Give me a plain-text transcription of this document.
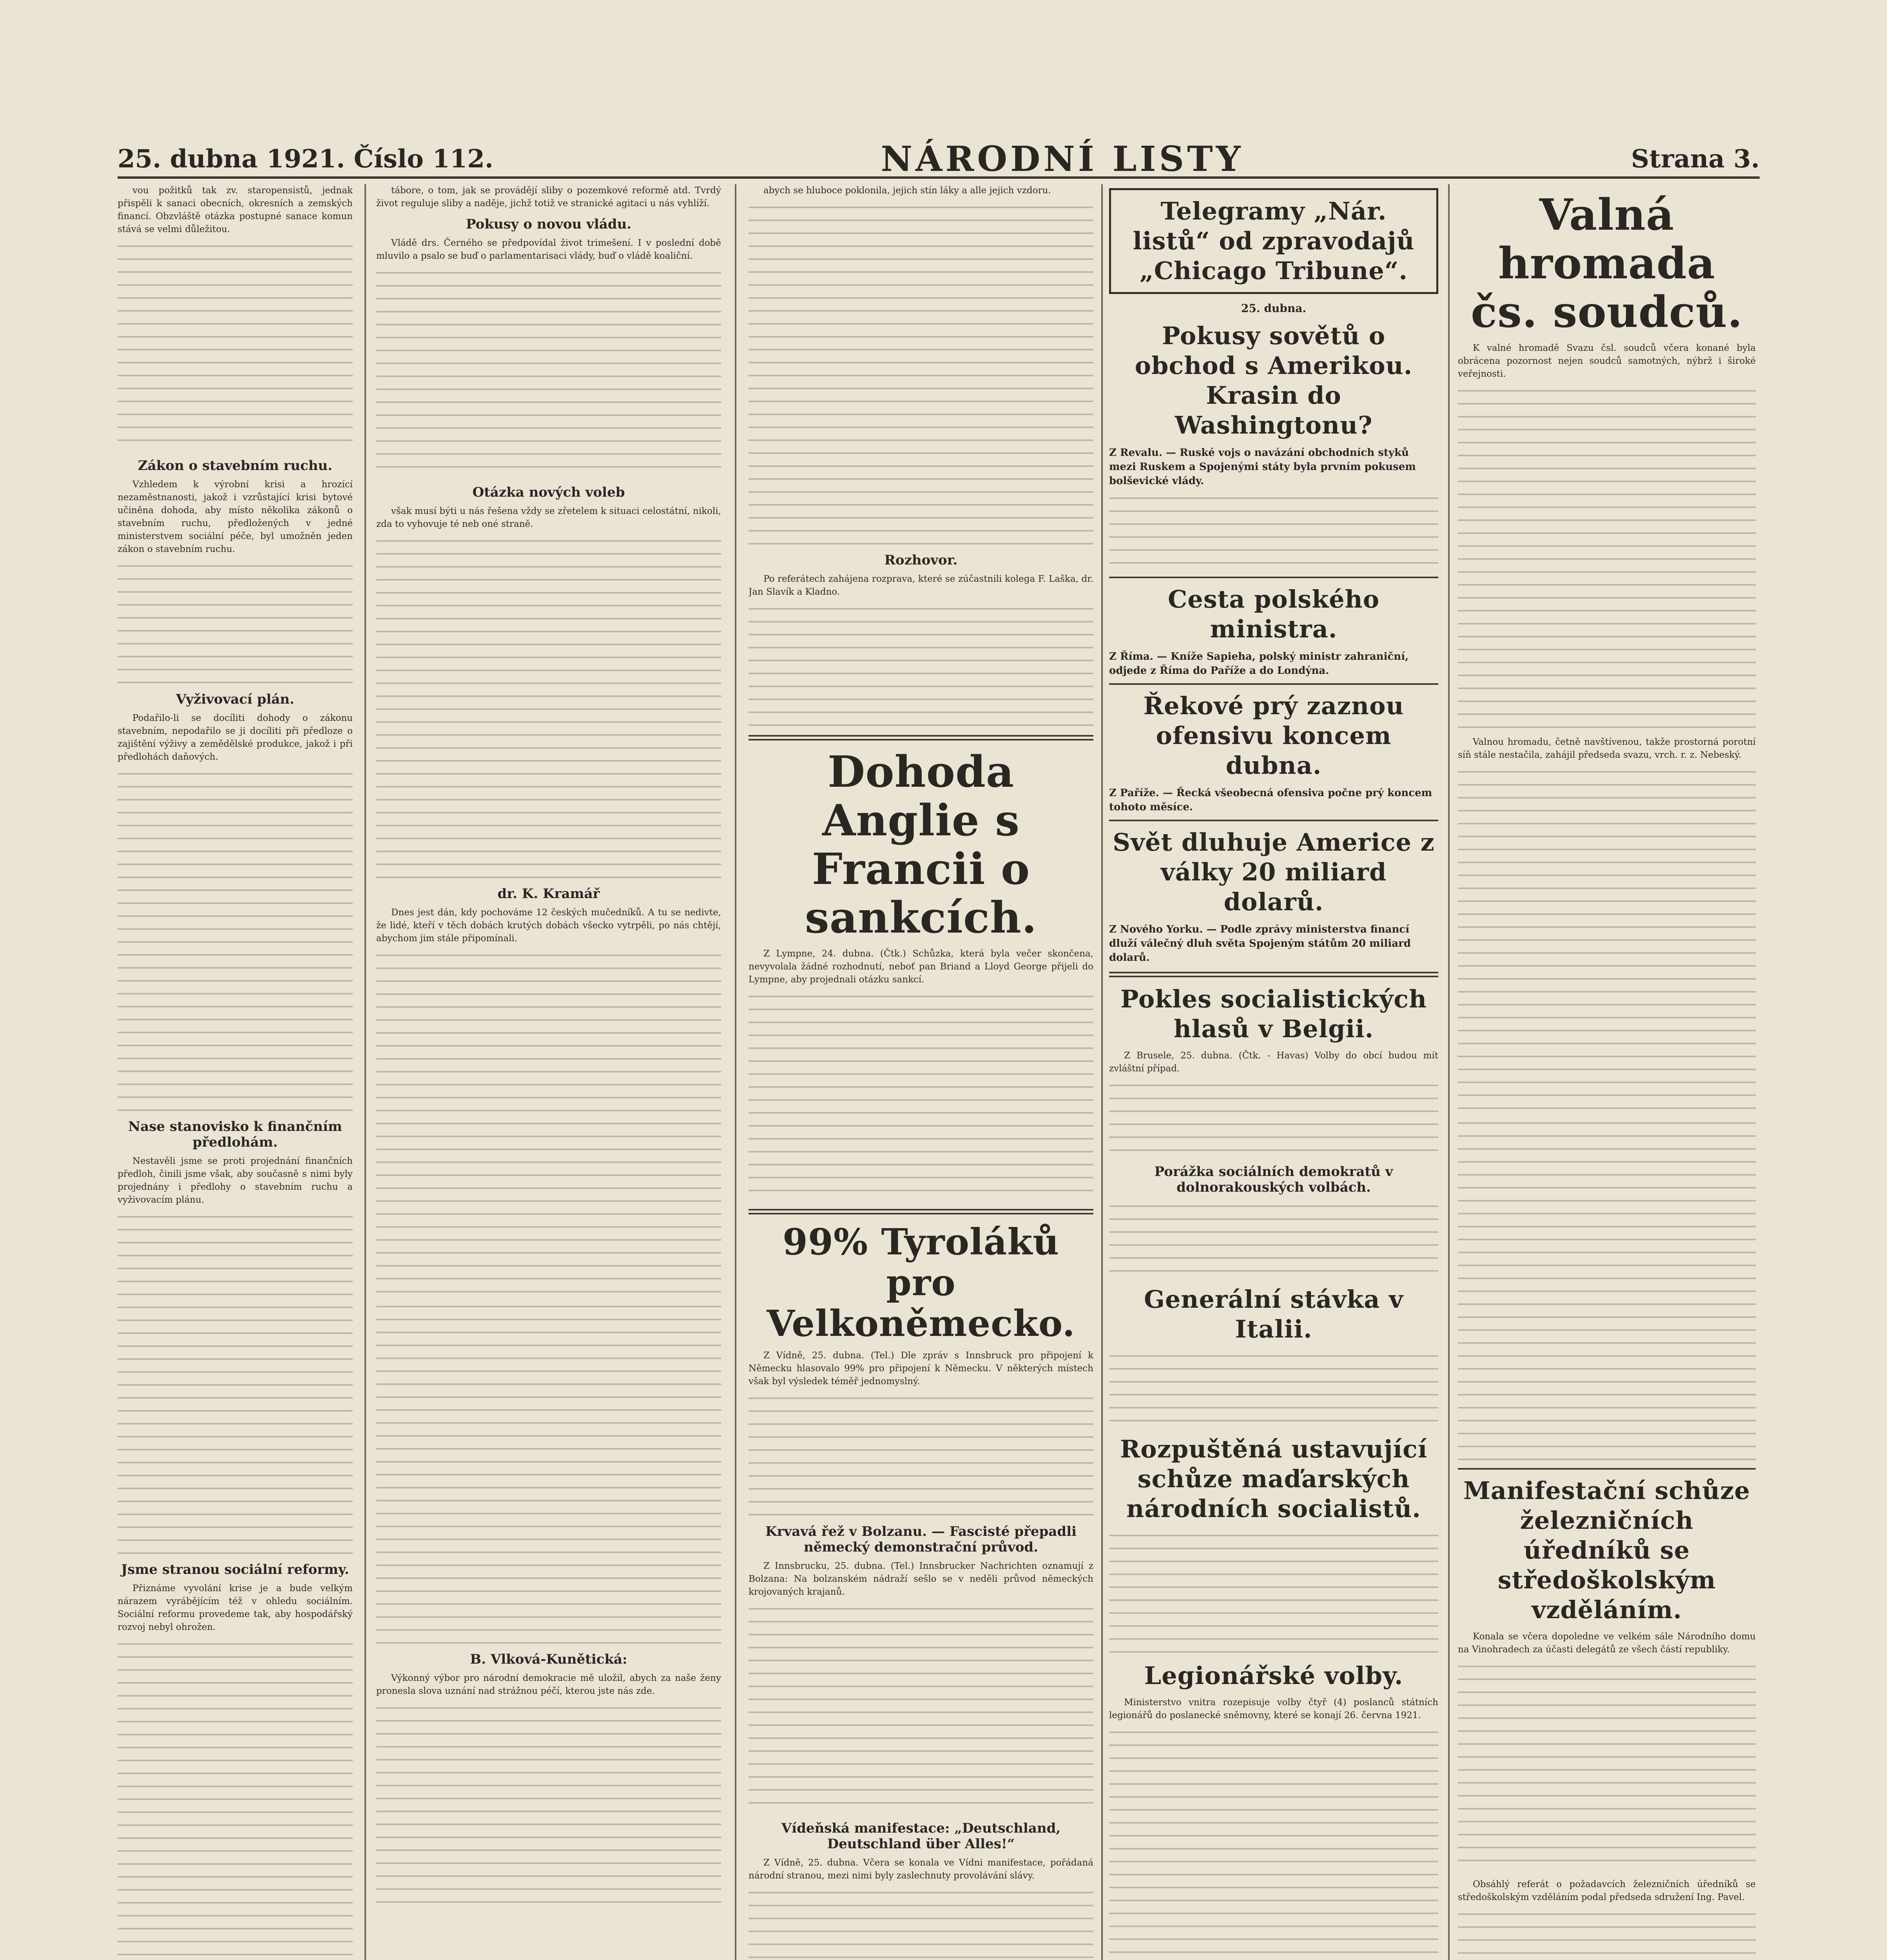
25. dubna 1921. Číslo 112.	NÁRODNÍ LISTY	Strana 3.

vou požitků tak zv. staropensistů, jednak přispěli k sanaci obecních, okresních a zemských financí. Obzvláště otázka postupné sanace komun stává se velmi důležitou.

Zákon o stavebním ruchu.

Vzhledem k výrobní krisi a hrozící nezaměstnanosti, jakož i vzrůstající krisi bytové učiněna dohoda, aby místo několika zákonů o stavebním ruchu, předložených v jedné ministerstvem sociální péče, byl umožněn jeden zákon o stavebním ruchu.

Vyživovací plán.

Podařilo-li se docíliti dohody o zákonu stavebním, nepodařilo se ji docíliti při předloze o zajištění výživy a zemědělské produkce, jakož i při předlohách daňových.

Nase stanovisko k finančním předlohám.

Nestavěli jsme se proti projednání finančních předloh, činili jsme však, aby současně s nimi byly projednány i předlohy o stavebním ruchu a vyživovacím plánu.

Jsme stranou sociální reformy.

Přiznáme vyvolání krise je a bude velkým nárazem vyrábějícím též v ohledu sociálním. Sociální reformu provedeme tak, aby hospodářský rozvoj nebyl ohrožen.

tábore, o tom, jak se provádějí sliby o pozemkové reformě atd. Tvrdý život reguluje sliby a naděje, jichž totiž ve stranické agitaci u nás vyhlíží.

Pokusy o novou vládu.

Vládě drs. Černého se předpovídal život trimešení. I v poslední době mluvilo a psalo se buď o parlamentarisaci vlády, buď o vládě koaliční.

Otázka nových voleb

však musí býti u nás řešena vždy se zřetelem k situaci celostátní, nikoli, zda to vyhovuje té neb oné straně.

dr. K. Kramář

Dnes jest dán, kdy pochováme 12 českých mučedníků. A tu se nedivte, že lidé, kteří v těch dobách krutých dobách všecko vytrpěli, po nás chtějí, abychom jim stále připomínali.

B. Vlková-Kunětická:

Výkonný výbor pro národní demokracie mě uložil, abych za naše ženy pronesla slova uznání nad strážnou péčí, kterou jste nás zde.

abych se hluboce poklonila, jejich stín láky a alle jejich vzdoru.

Rozhovor.

Po referátech zahájena rozprava, které se zúčastnili kolega F. Laška, dr. Jan Slavík a Kladno.

Dohoda Anglie s Francii o sankcích.

Z Lympne, 24. dubna. (Čtk.) Schůzka, která byla večer skončena, nevyvolala žádné rozhodnutí, neboť pan Briand a Lloyd George přijeli do Lympne, aby projednali otázku sankcí.

99% Tyroláků pro Velkoněmecko.

Z Vídně, 25. dubna. (Tel.) Dle zpráv s Innsbruck pro připojení k Německu hlasovalo 99% pro připojení k Německu. V některých místech však byl výsledek téměř jednomyslný.

Krvavá řež v Bolzanu. — Fascisté přepadli německý demonstrační průvod.

Z Innsbrucku, 25. dubna. (Tel.) Innsbrucker Nachrichten oznamují z Bolzana: Na bolzanském nádraží sešlo se v neděli průvod německých krojovaných krajanů.

Vídeňská manifestace: „Deutschland, Deutschland über Alles!“

Z Vídně, 25. dubna. Včera se konala ve Vídni manifestace, pořádaná národní stranou, mezi nimi byly zaslechnuty provolávání slávy.

Telegramy „Nár. listů“ od zpravodajů „Chicago Tribune“.
25. dubna.
Pokusy sovětů o obchod s Amerikou. Krasin do Washingtonu?

Z Revalu. — Ruské vojs o navázání obchodních styků mezi Ruskem a Spojenými státy byla prvním pokusem bolševické vlády.

Cesta polského ministra.

Z Říma. — Kníže Sapieha, polský ministr zahraniční, odjede z Říma do Paříže a do Londýna.

Řekové prý zaznou ofensivu koncem dubna.

Z Paříže. — Řecká všeobecná ofensiva počne prý koncem tohoto měsíce.

Svět dluhuje Americe z války 20 miliard dolarů.

Z Nového Yorku. — Podle zprávy ministerstva financí dluží válečný dluh světa Spojeným státům 20 miliard dolarů.

Pokles socialistických hlasů v Belgii.

Z Brusele, 25. dubna. (Čtk. - Havas) Volby do obcí budou mít zvláštní případ.

Porážka sociálních demokratů v dolnorakouských volbách.
Generální stávka v Italii.
Rozpuštěná ustavující schůze maďarských národních socialistů.
Legionářské volby.

Ministerstvo vnitra rozepisuje volby čtyř (4) poslanců státních legionářů do poslanecké sněmovny, které se konají 26. června 1921.

Valná hromada čs. soudců.

K valné hromadě Svazu čsl. soudců včera konané byla obrácena pozornost nejen soudců samotných, nýbrž i široké veřejnosti.

Valnou hromadu, četně navštívenou, takže prostorná porotní síň stále nestačila, zahájil předseda svazu, vrch. r. z. Nebeský.

Manifestační schůze železničních úředníků se středoškolským vzděláním.

Konala se včera dopoledne ve velkém sále Národního domu na Vinohradech za účasti delegátů ze všech částí republiky.

Obsáhlý referát o požadavcích železničních úředníků se středoškolským vzděláním podal předseda sdružení Ing. Pavel.
